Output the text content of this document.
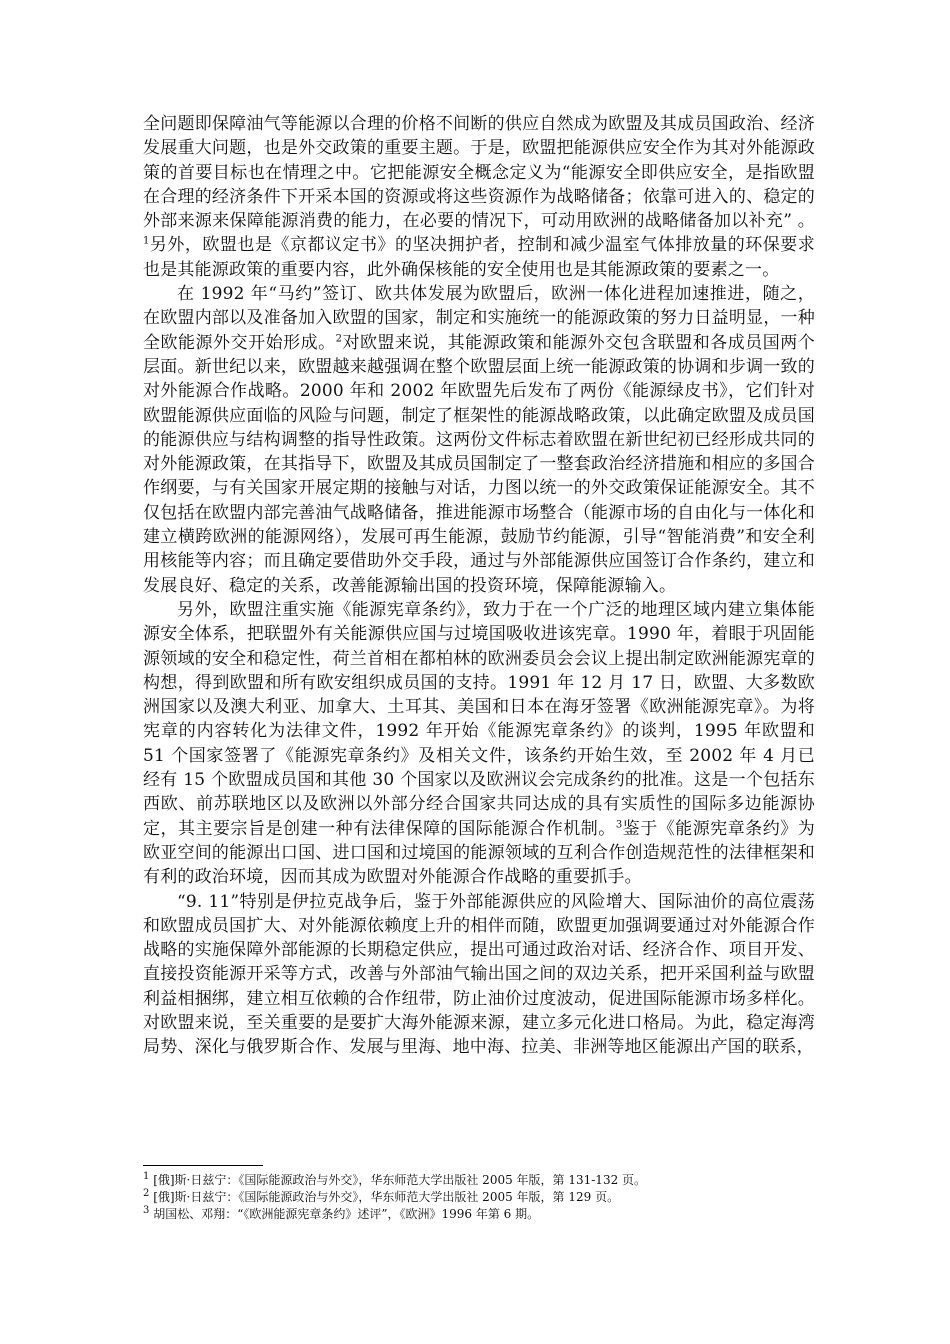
全问题即保障油气等能源以合理的价格不间断的供应自然成为欧盟及其成员国政治、经济发展重大问题，也是外交政策的重要主题。于是，欧盟把能源供应安全作为其对外能源政策的首要目标也在情理之中。它把能源安全概念定义为“能源安全即供应安全，是指欧盟在合理的经济条件下开采本国的资源或将这些资源作为战略储备；依靠可进入的、稳定的外部来源来保障能源消费的能力，在必要的情况下，可动用欧洲的战略储备加以补充” 。$^1$另外，欧盟也是《京都议定书》的坚决拥护者，控制和减少温室气体排放量的环保要求也是其能源政策的重要内容，此外确保核能的安全使用也是其能源政策的要素之一。

在 1992 年“马约”签订、欧共体发展为欧盟后，欧洲一体化进程加速推进，随之，在欧盟内部以及准备加入欧盟的国家，制定和实施统一的能源政策的努力日益明显，一种全欧能源外交开始形成。$^2$对欧盟来说，其能源政策和能源外交包含联盟和各成员国两个层面。新世纪以来，欧盟越来越强调在整个欧盟层面上统一能源政策的协调和步调一致的对外能源合作战略。2000 年和 2002 年欧盟先后发布了两份《能源绿皮书》，它们针对欧盟能源供应面临的风险与问题，制定了框架性的能源战略政策，以此确定欧盟及成员国的能源供应与结构调整的指导性政策。这两份文件标志着欧盟在新世纪初已经形成共同的对外能源政策，在其指导下，欧盟及其成员国制定了一整套政治经济措施和相应的多国合作纲要，与有关国家开展定期的接触与对话，力图以统一的外交政策保证能源安全。其不仅包括在欧盟内部完善油气战略储备，推进能源市场整合（能源市场的自由化与一体化和建立横跨欧洲的能源网络），发展可再生能源，鼓励节约能源，引导“智能消费”和安全利用核能等内容；而且确定要借助外交手段，通过与外部能源供应国签订合作条约，建立和发展良好、稳定的关系，改善能源输出国的投资环境，保障能源输入。

另外，欧盟注重实施《能源宪章条约》，致力于在一个广泛的地理区域内建立集体能源安全体系，把联盟外有关能源供应国与过境国吸收进该宪章。1990 年，着眼于巩固能源领域的安全和稳定性，荷兰首相在都柏林的欧洲委员会会议上提出制定欧洲能源宪章的构想，得到欧盟和所有欧安组织成员国的支持。1991 年 12 月 17 日，欧盟、大多数欧洲国家以及澳大利亚、加拿大、土耳其、美国和日本在海牙签署《欧洲能源宪章》。为将宪章的内容转化为法律文件，1992 年开始《能源宪章条约》的谈判，1995 年欧盟和 51 个国家签署了《能源宪章条约》及相关文件，该条约开始生效，至 2002 年 4 月已经有 15 个欧盟成员国和其他 30 个国家以及欧洲议会完成条约的批准。这是一个包括东西欧、前苏联地区以及欧洲以外部分经合国家共同达成的具有实质性的国际多边能源协定，其主要宗旨是创建一种有法律保障的国际能源合作机制。$^3$鉴于《能源宪章条约》为欧亚空间的能源出口国、进口国和过境国的能源领域的互利合作创造规范性的法律框架和有利的政治环境，因而其成为欧盟对外能源合作战略的重要抓手。

“9. 11”特别是伊拉克战争后，鉴于外部能源供应的风险增大、国际油价的高位震荡和欧盟成员国扩大、对外能源依赖度上升的相伴而随，欧盟更加强调要通过对外能源合作战略的实施保障外部能源的长期稳定供应，提出可通过政治对话、经济合作、项目开发、直接投资能源开采等方式，改善与外部油气输出国之间的双边关系，把开采国利益与欧盟利益相捆绑，建立相互依赖的合作纽带，防止油价过度波动，促进国际能源市场多样化。对欧盟来说，至关重要的是要扩大海外能源来源，建立多元化进口格局。为此，稳定海湾局势、深化与俄罗斯合作、发展与里海、地中海、拉美、非洲等地区能源出产国的联系，

$^1$ [俄]斯·日兹宁：《国际能源政治与外交》，华东师范大学出版社 2005 年版，第 131-132 页。

$^2$ [俄]斯·日兹宁：《国际能源政治与外交》，华东师范大学出版社 2005 年版，第 129 页。

$^3$ 胡国松、邓翔：“《欧洲能源宪章条约》述评”，《欧洲》1996 年第 6 期。
